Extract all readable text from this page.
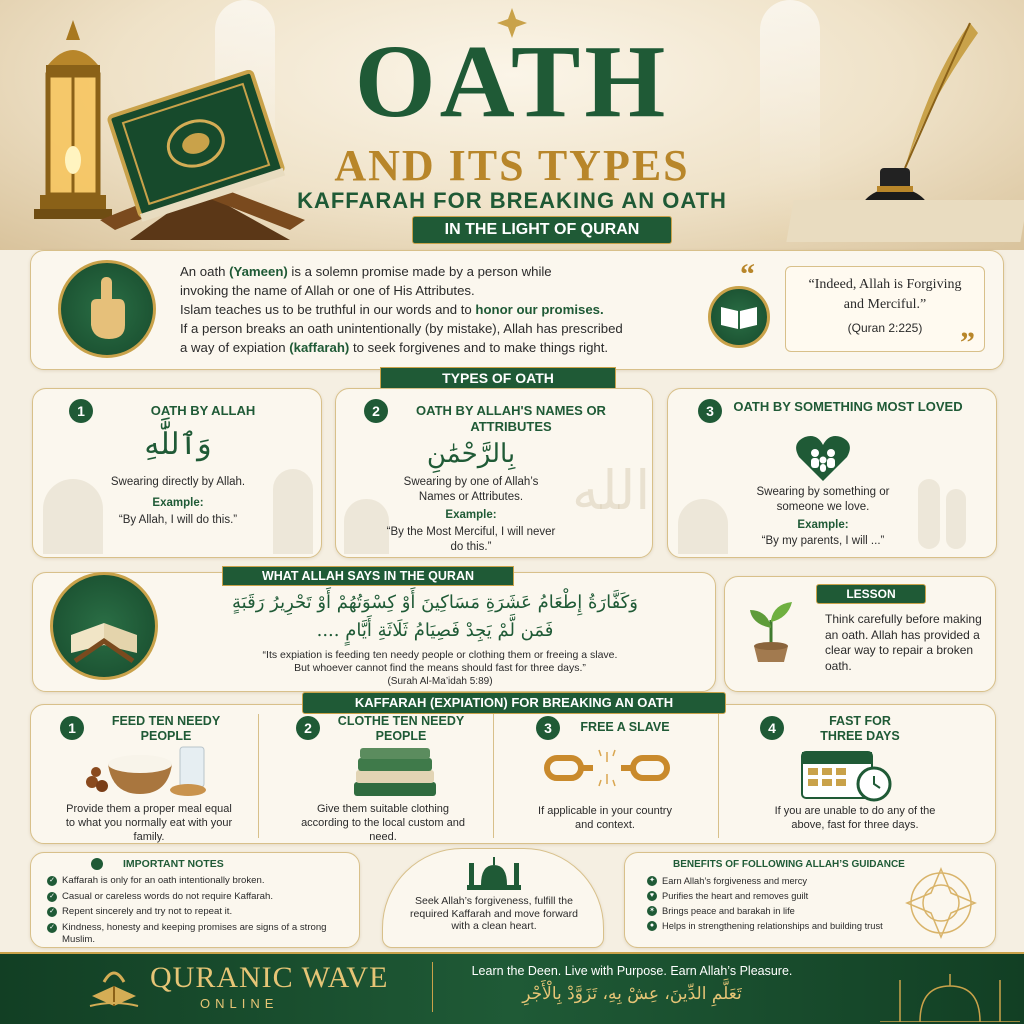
OATH
AND ITS TYPES
KAFFARAH FOR BREAKING AN OATH
IN THE LIGHT OF QURAN
An oath (Yameen) is a solemn promise made by a person while
invoking the name of Allah or one of His Attributes.
Islam teaches us to be truthful in our words and to honor our promises.
If a person breaks an oath unintentionally (by mistake), Allah has prescribed
a way of expiation (kaffarah) to seek forgivenes and to make things right.
“	“Indeed, Allah is Forgiving and Merciful.”
(Quran 2:225)	”
TYPES OF OATH
1	OATH BY ALLAH
وَٱللَّٰهِ
Swearing directly by Allah.
Example:
“By Allah, I will do this.”	الله
2	OATH BY ALLAH'S NAMES OR ATTRIBUTES
بِالرَّحْمَٰنِ
Swearing by one of Allah’s Names or Attributes.
Example:
“By the Most Merciful, I will never do this.”
3	OATH BY SOMETHING MOST LOVED
Swearing by something or someone we love.
Example:
“By my parents, I will ...”
WHAT ALLAH SAYS IN THE QURAN
وَكَفَّارَةُ إِطْعَامُ عَشَرَةِ مَسَاكِينَ أَوْ كِسْوَتُهُمْ أَوْ تَحْرِيرُ رَقَبَةٍ
فَمَن لَّمْ يَجِدْ فَصِيَامُ ثَلَاثَةِ أَيَّامٍ ....
“Its expiation is feeding ten needy people or clothing them or freeing a slave.
But whoever cannot find the means should fast for three days.”
(Surah Al-Ma’idah 5:89)
LESSON
Think carefully before making an oath. Allah has provided a clear way to repair a broken oath.
KAFFARAH (EXPIATION) FOR BREAKING AN OATH
1	FEED TEN NEEDY PEOPLE
Provide them a proper meal equal to what you normally eat with your family.
2	CLOTHE TEN NEEDY PEOPLE
Give them suitable clothing according to the local custom and need.
3	FREE A SLAVE
If applicable in your country and context.
4	FAST FOR THREE DAYS
If you are unable to do any of the above, fast for three days.
IMPORTANT NOTES
✓ Kaffarah is only for an oath intentionally broken.
✓ Casual or careless words do not require Kaffarah.
✓ Repent sincerely and try not to repeat it.
✓ Kindness, honesty and keeping promises are signs of a strong Muslim.
Seek Allah’s forgiveness, fulfill the required Kaffarah and move forward with a clean heart.
BENEFITS OF FOLLOWING ALLAH’S GUIDANCE
✦ Earn Allah’s forgiveness and mercy
♥ Purifies the heart and removes guilt
✶ Brings peace and barakah in life
● Helps in strengthening relationships and building trust
QURANIC WAVE
ONLINE
Learn the Deen. Live with Purpose. Earn Allah’s Pleasure.
تَعَلَّمِ الدِّينَ، عِشْ بِهِ، تَزَوَّدْ بِالْأَجْرِ
